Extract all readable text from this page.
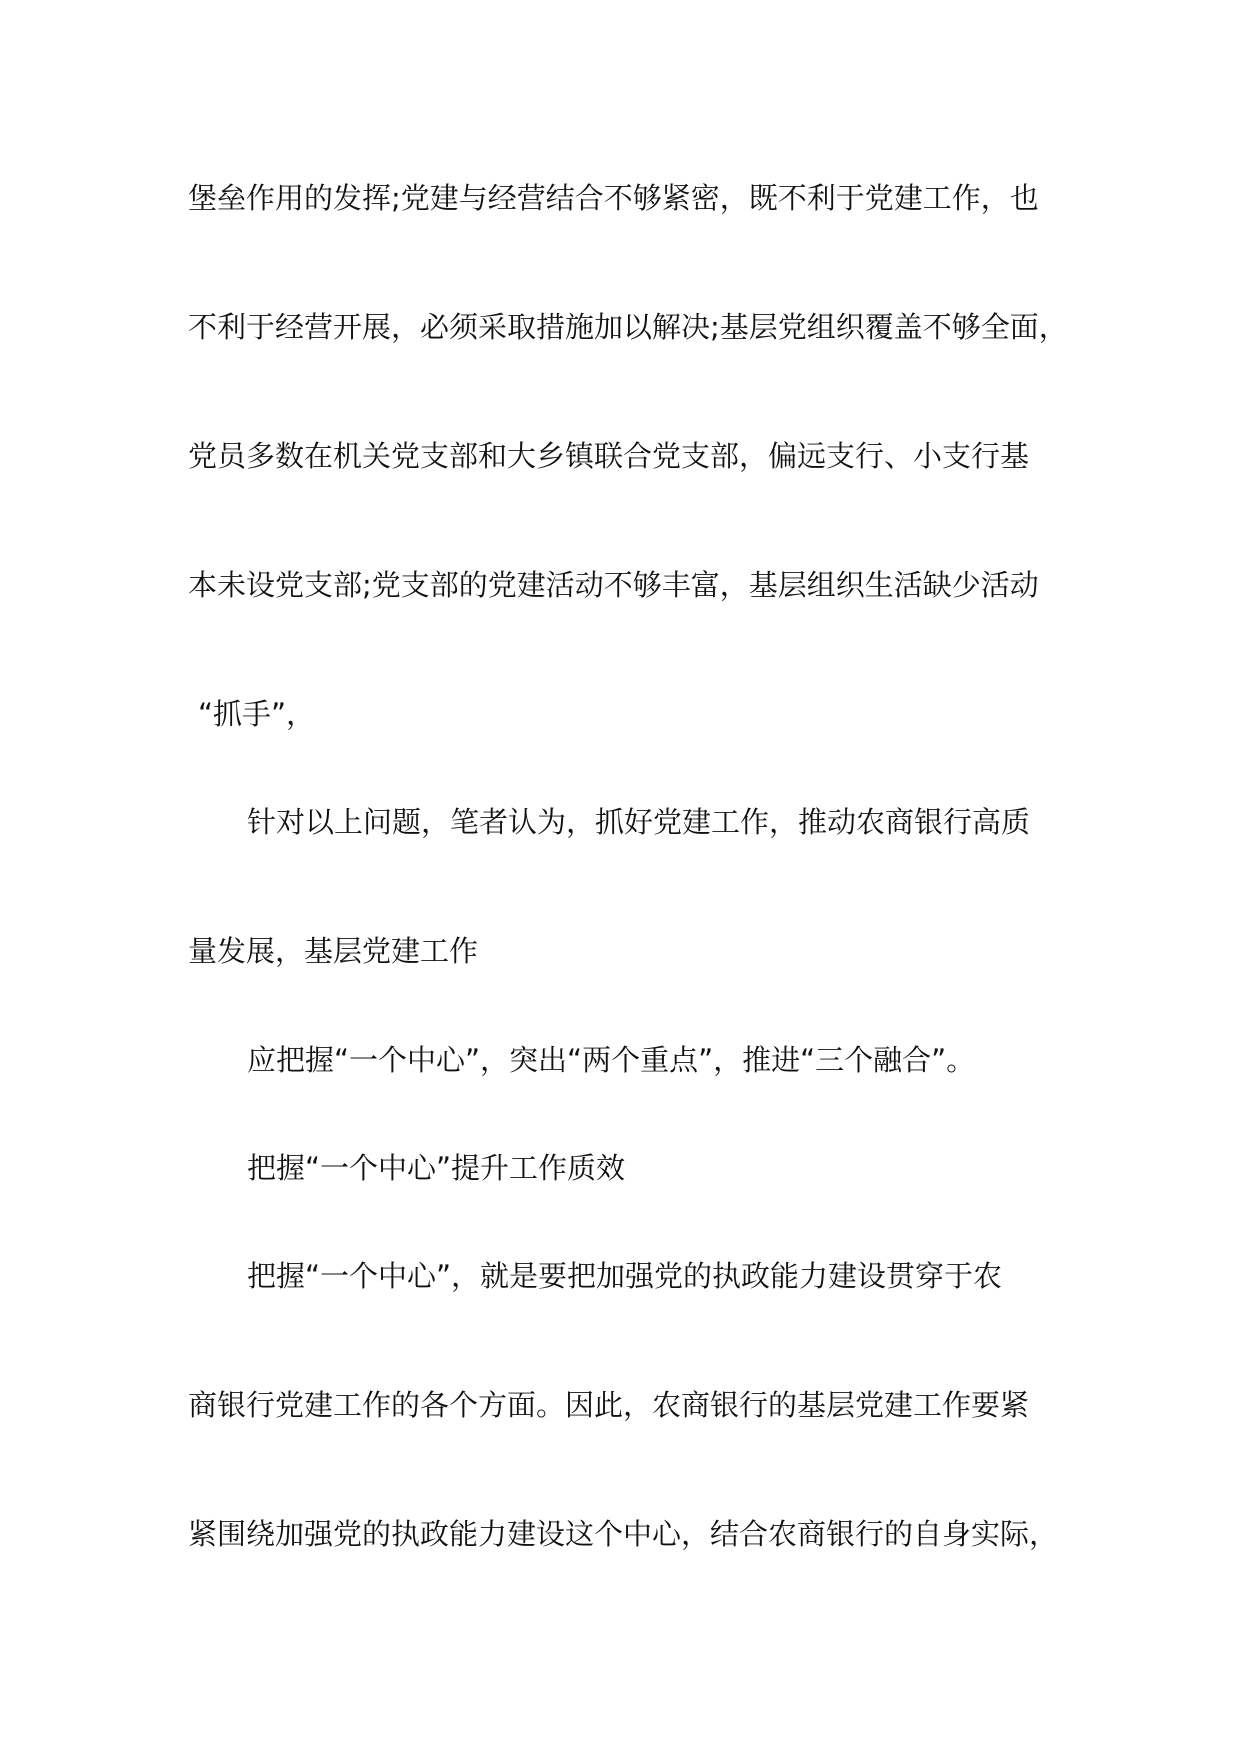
堡垒作用的发挥;党建与经营结合不够紧密，既不利于党建工作，也
不利于经营开展，必须采取措施加以解决;基层党组织覆盖不够全面，
党员多数在机关党支部和大乡镇联合党支部，偏远支行、小支行基
本未设党支部;党支部的党建活动不够丰富，基层组织生活缺少活动
“抓手”，
针对以上问题，笔者认为，抓好党建工作，推动农商银行高质
量发展，基层党建工作
应把握“一个中心”，突出“两个重点”，推进“三个融合”。
把握“一个中心”提升工作质效
把握“一个中心”，就是要把加强党的执政能力建设贯穿于农
商银行党建工作的各个方面。因此，农商银行的基层党建工作要紧
紧围绕加强党的执政能力建设这个中心，结合农商银行的自身实际，
